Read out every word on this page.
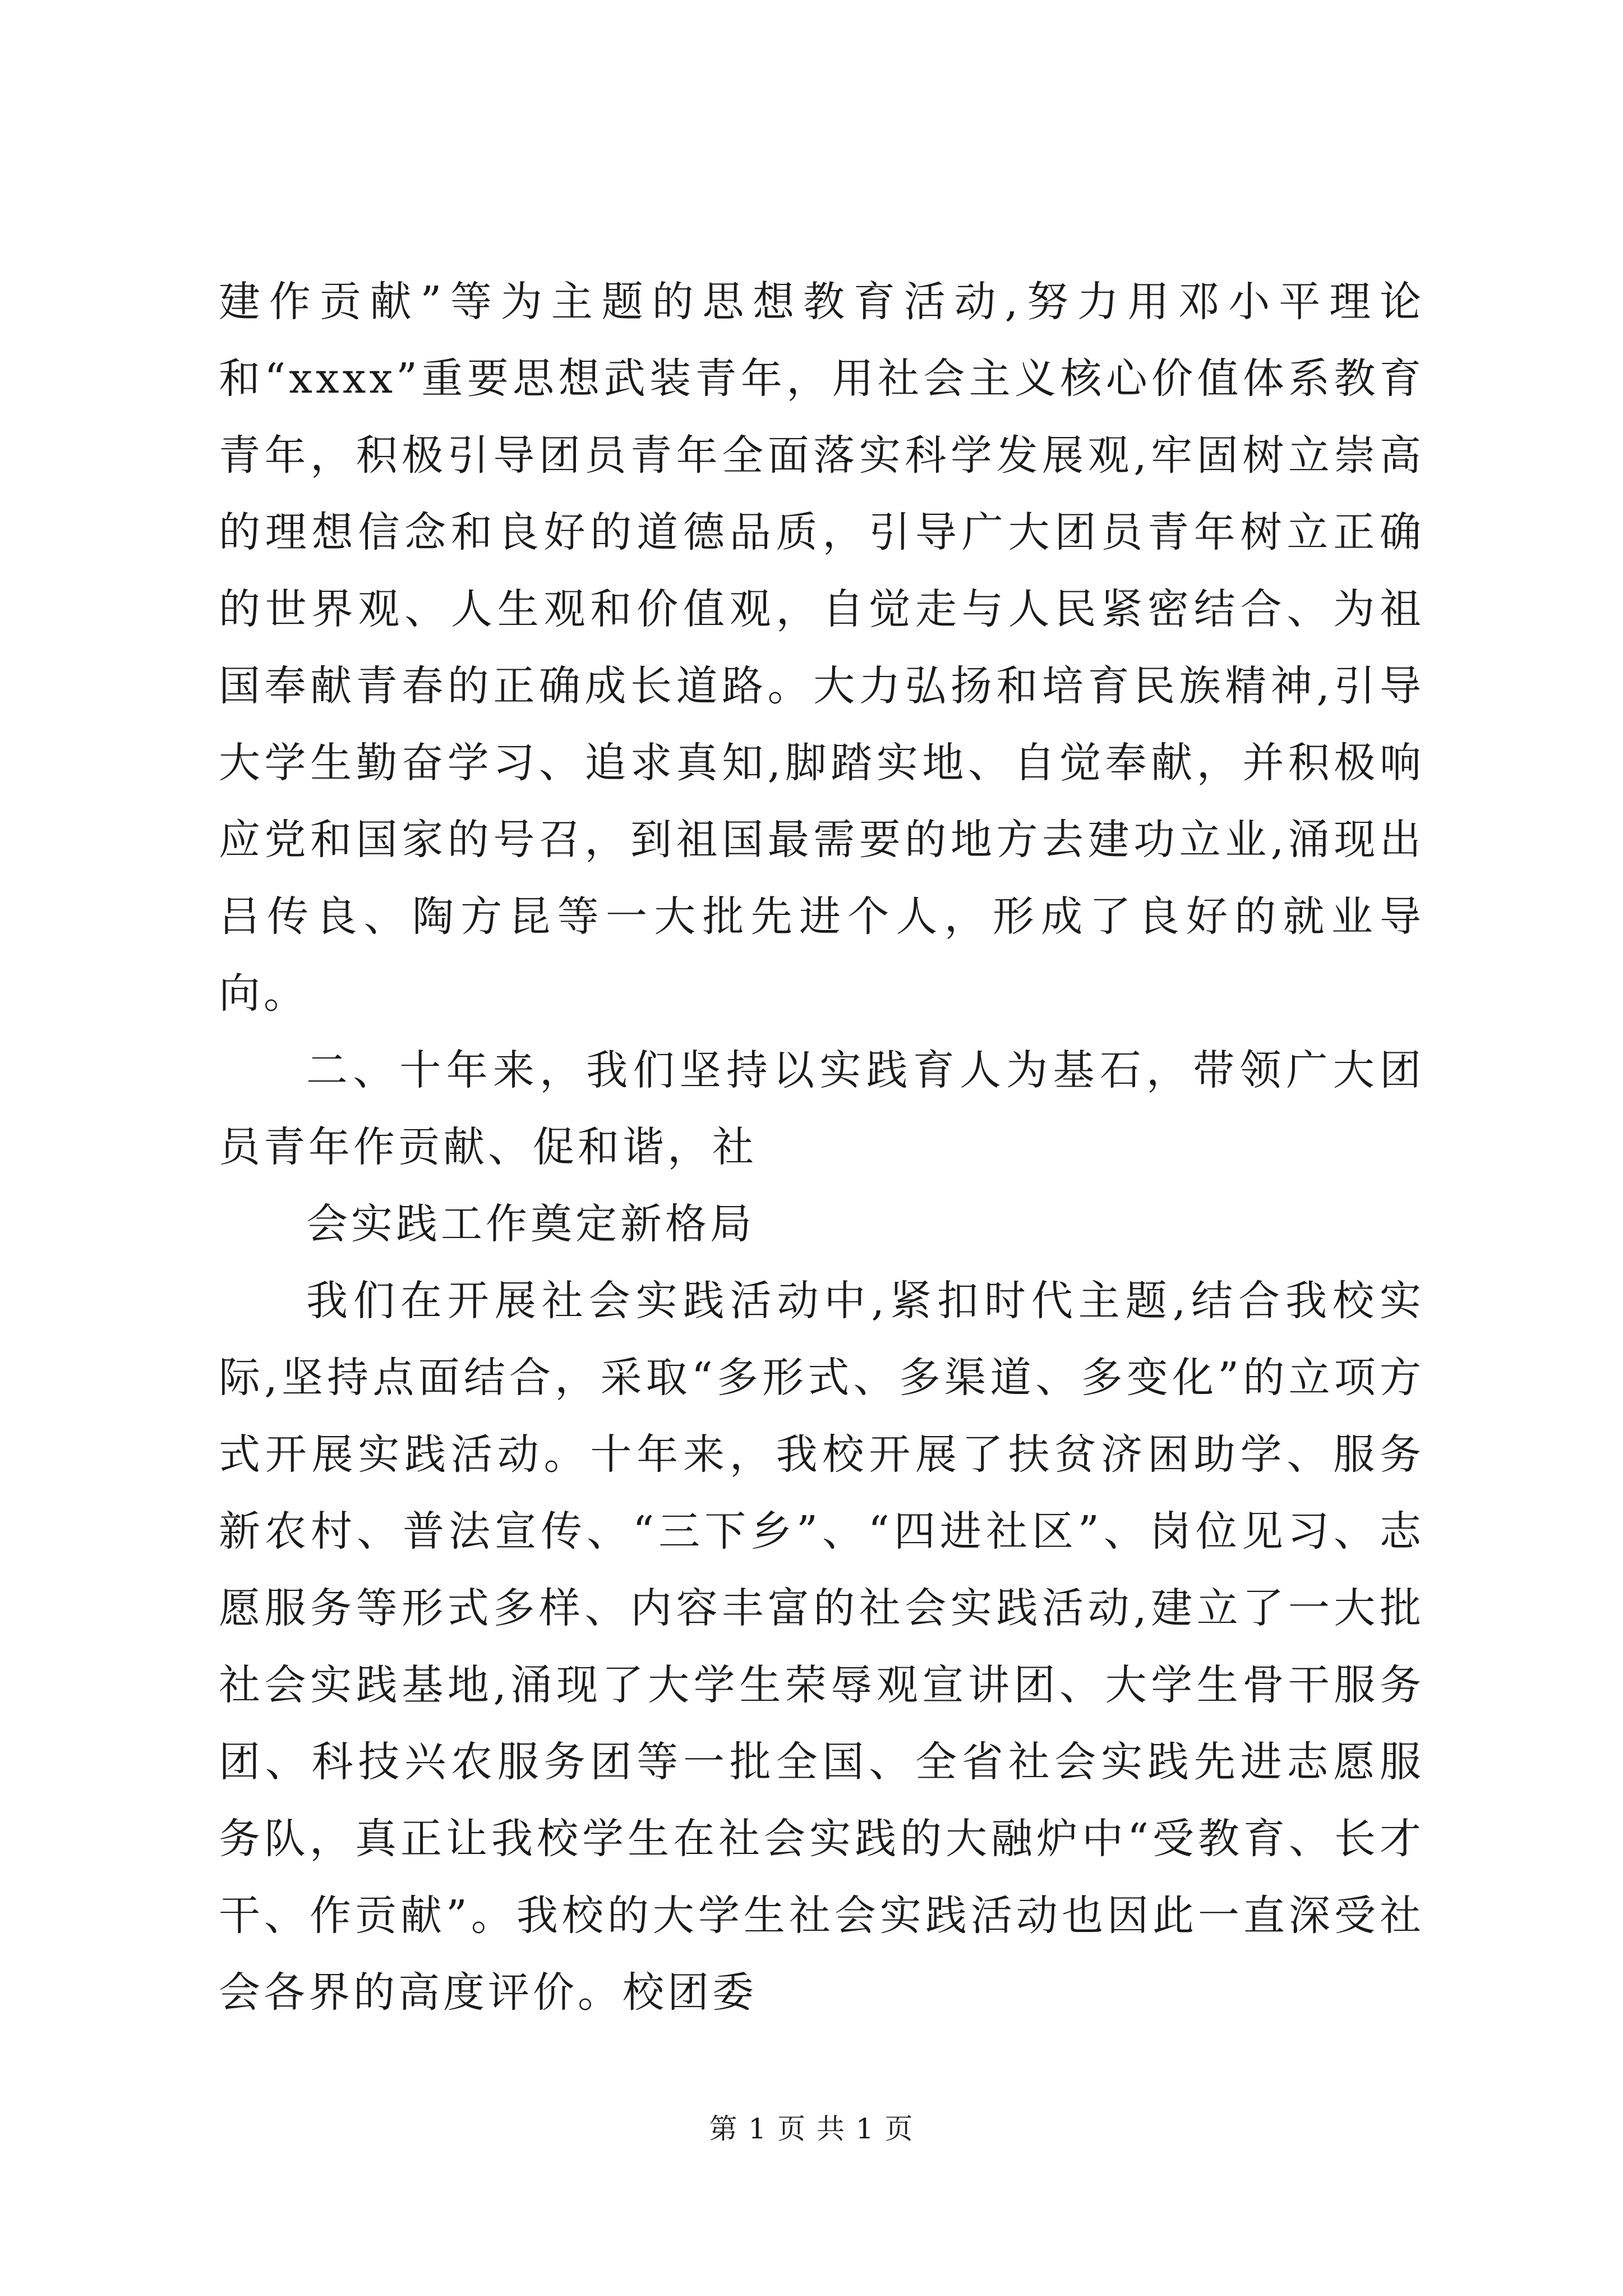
建作贡献”等为主题的思想教育活动,努力用邓小平理论和“xxxx”重要思想武装青年，用社会主义核心价值体系教育青年，积极引导团员青年全面落实科学发展观,牢固树立崇高的理想信念和良好的道德品质，引导广大团员青年树立正确的世界观、人生观和价值观，自觉走与人民紧密结合、为祖国奉献青春的正确成长道路。大力弘扬和培育民族精神,引导大学生勤奋学习、追求真知,脚踏实地、自觉奉献，并积极响应党和国家的号召，到祖国最需要的地方去建功立业,涌现出吕传良、陶方昆等一大批先进个人，形成了良好的就业导向。

二、十年来，我们坚持以实践育人为基石，带领广大团员青年作贡献、促和谐，社

会实践工作奠定新格局

我们在开展社会实践活动中,紧扣时代主题,结合我校实际,坚持点面结合，采取“多形式、多渠道、多变化”的立项方式开展实践活动。十年来，我校开展了扶贫济困助学、服务新农村、普法宣传、“三下乡”、“四进社区”、岗位见习、志愿服务等形式多样、内容丰富的社会实践活动,建立了一大批社会实践基地,涌现了大学生荣辱观宣讲团、大学生骨干服务团、科技兴农服务团等一批全国、全省社会实践先进志愿服务队，真正让我校学生在社会实践的大融炉中“受教育、长才干、作贡献”。我校的大学生社会实践活动也因此一直深受社会各界的高度评价。校团委

第 1 页 共 1 页
